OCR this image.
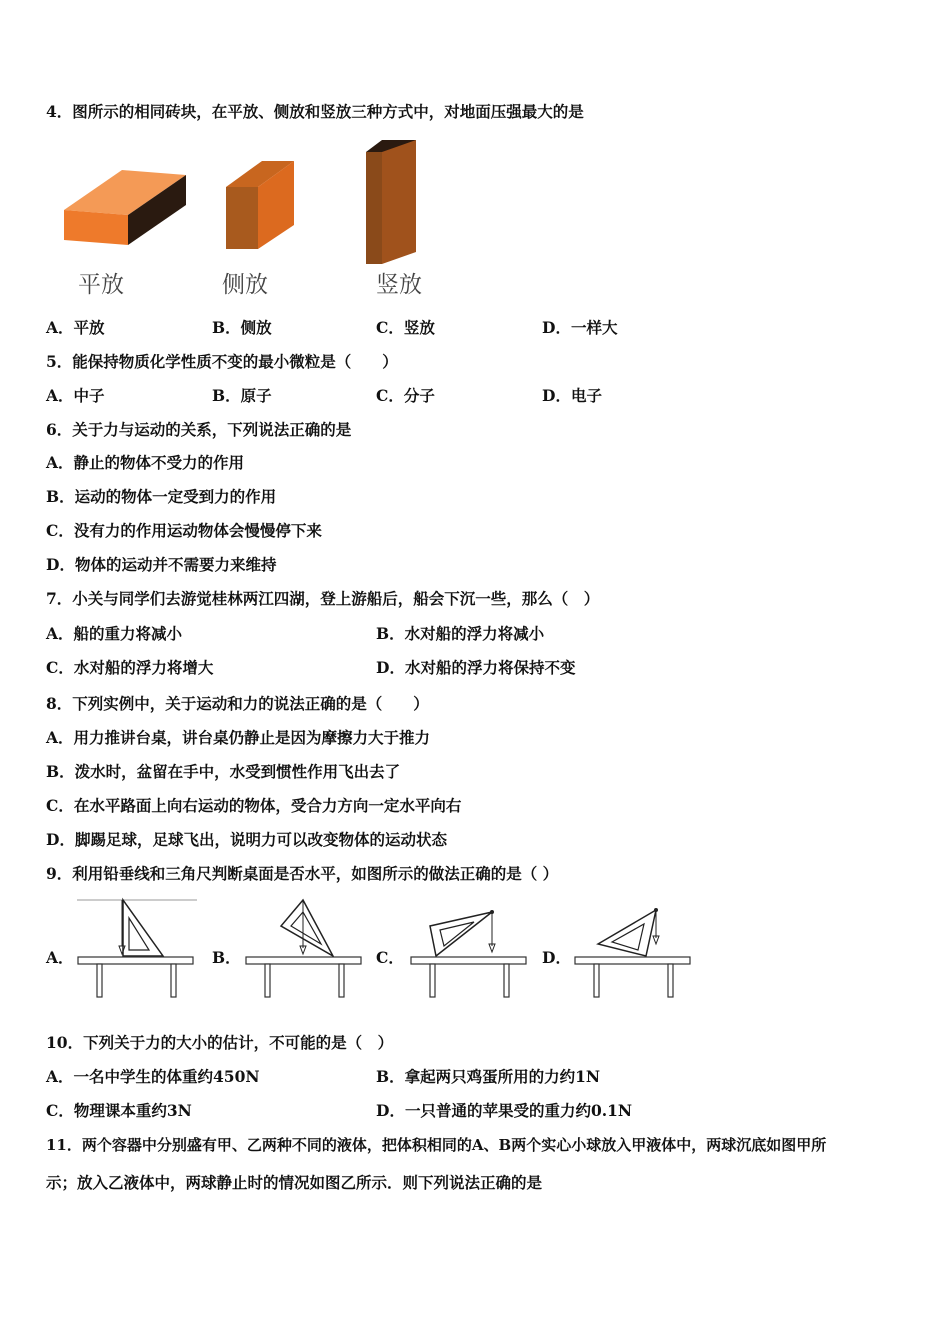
4．图所示的相同砖块，在平放、侧放和竖放三种方式中，对地面压强最大的是
平放	侧放	竖放
A．平放	B．侧放	C．竖放	D．一样大
5．能保持物质化学性质不变的最小微粒是（　　）
A．中子	B．原子	C．分子	D．电子
6．关于力与运动的关系，下列说法正确的是
A．静止的物体不受力的作用
B．运动的物体一定受到力的作用
C．没有力的作用运动物体会慢慢停下来
D．物体的运动并不需要力来维持
7．小关与同学们去游觉桂林两江四湖，登上游船后，船会下沉一些，那么（　）
A．船的重力将减小	B．水对船的浮力将减小
C．水对船的浮力将增大	D．水对船的浮力将保持不变
8．下列实例中，关于运动和力的说法正确的是（　　）
A．用力推讲台桌，讲台桌仍静止是因为摩擦力大于推力
B．泼水时，盆留在手中，水受到惯性作用飞出去了
C．在水平路面上向右运动的物体，受合力方向一定水平向右
D．脚踢足球，足球飞出，说明力可以改变物体的运动状态
9．利用铅垂线和三角尺判断桌面是否水平，如图所示的做法正确的是（ ）
A．	B．	C．	D．
10．下列关于力的大小的估计，不可能的是（　）
A．一名中学生的体重约450N	B．拿起两只鸡蛋所用的力约1N
C．物理课本重约3N	D．一只普通的苹果受的重力约0.1N
11．两个容器中分别盛有甲、乙两种不同的液体，把体积相同的A、B两个实心小球放入甲液体中，两球沉底如图甲所
示；放入乙液体中，两球静止时的情况如图乙所示．则下列说法正确的是
